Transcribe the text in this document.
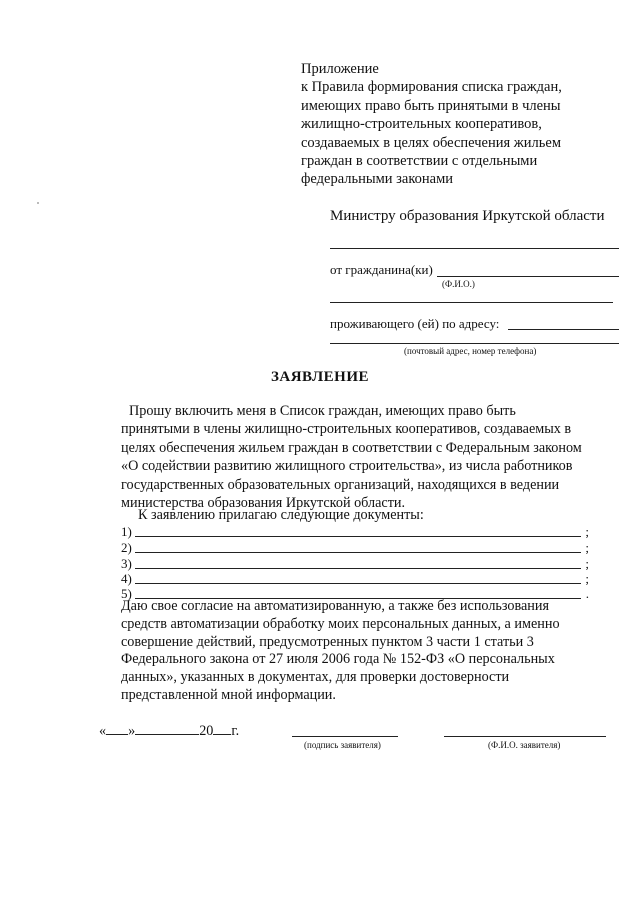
Приложение
к Правила формирования списка граждан,
имеющих право быть принятыми в члены
жилищно-строительных кооперативов,
создаваемых в целях обеспечения жильем
граждан в соответствии с отдельными
федеральными законами
Министру образования Иркутской области
от гражданина(ки)
(Ф.И.О.)
проживающего (ей) по адресу:
(почтовый адрес, номер телефона)
ЗАЯВЛЕНИЕ
Прошу включить меня в Список граждан, имеющих право быть
принятыми в члены жилищно-строительных кооперативов, создаваемых в
целях обеспечения жильем граждан в соответствии с Федеральным законом
«О содействии развитию жилищного строительства», из числа работников
государственных образовательных организаций, находящихся в ведении
министерства образования Иркутской области.
К заявлению прилагаю следующие документы:
1)	;
2)	;
3)	;
4)	;
5)	.
Даю свое согласие на автоматизированную, а также без использования
средств автоматизации обработку моих персональных данных, а именно
совершение действий, предусмотренных пунктом 3 части 1 статьи 3
Федерального закона от 27 июля 2006 года № 152-ФЗ «О персональных
данных», указанных в документах, для проверки достоверности
представленной мной информации.
« »	20 г.
(подпись заявителя)	(Ф.И.О. заявителя)
